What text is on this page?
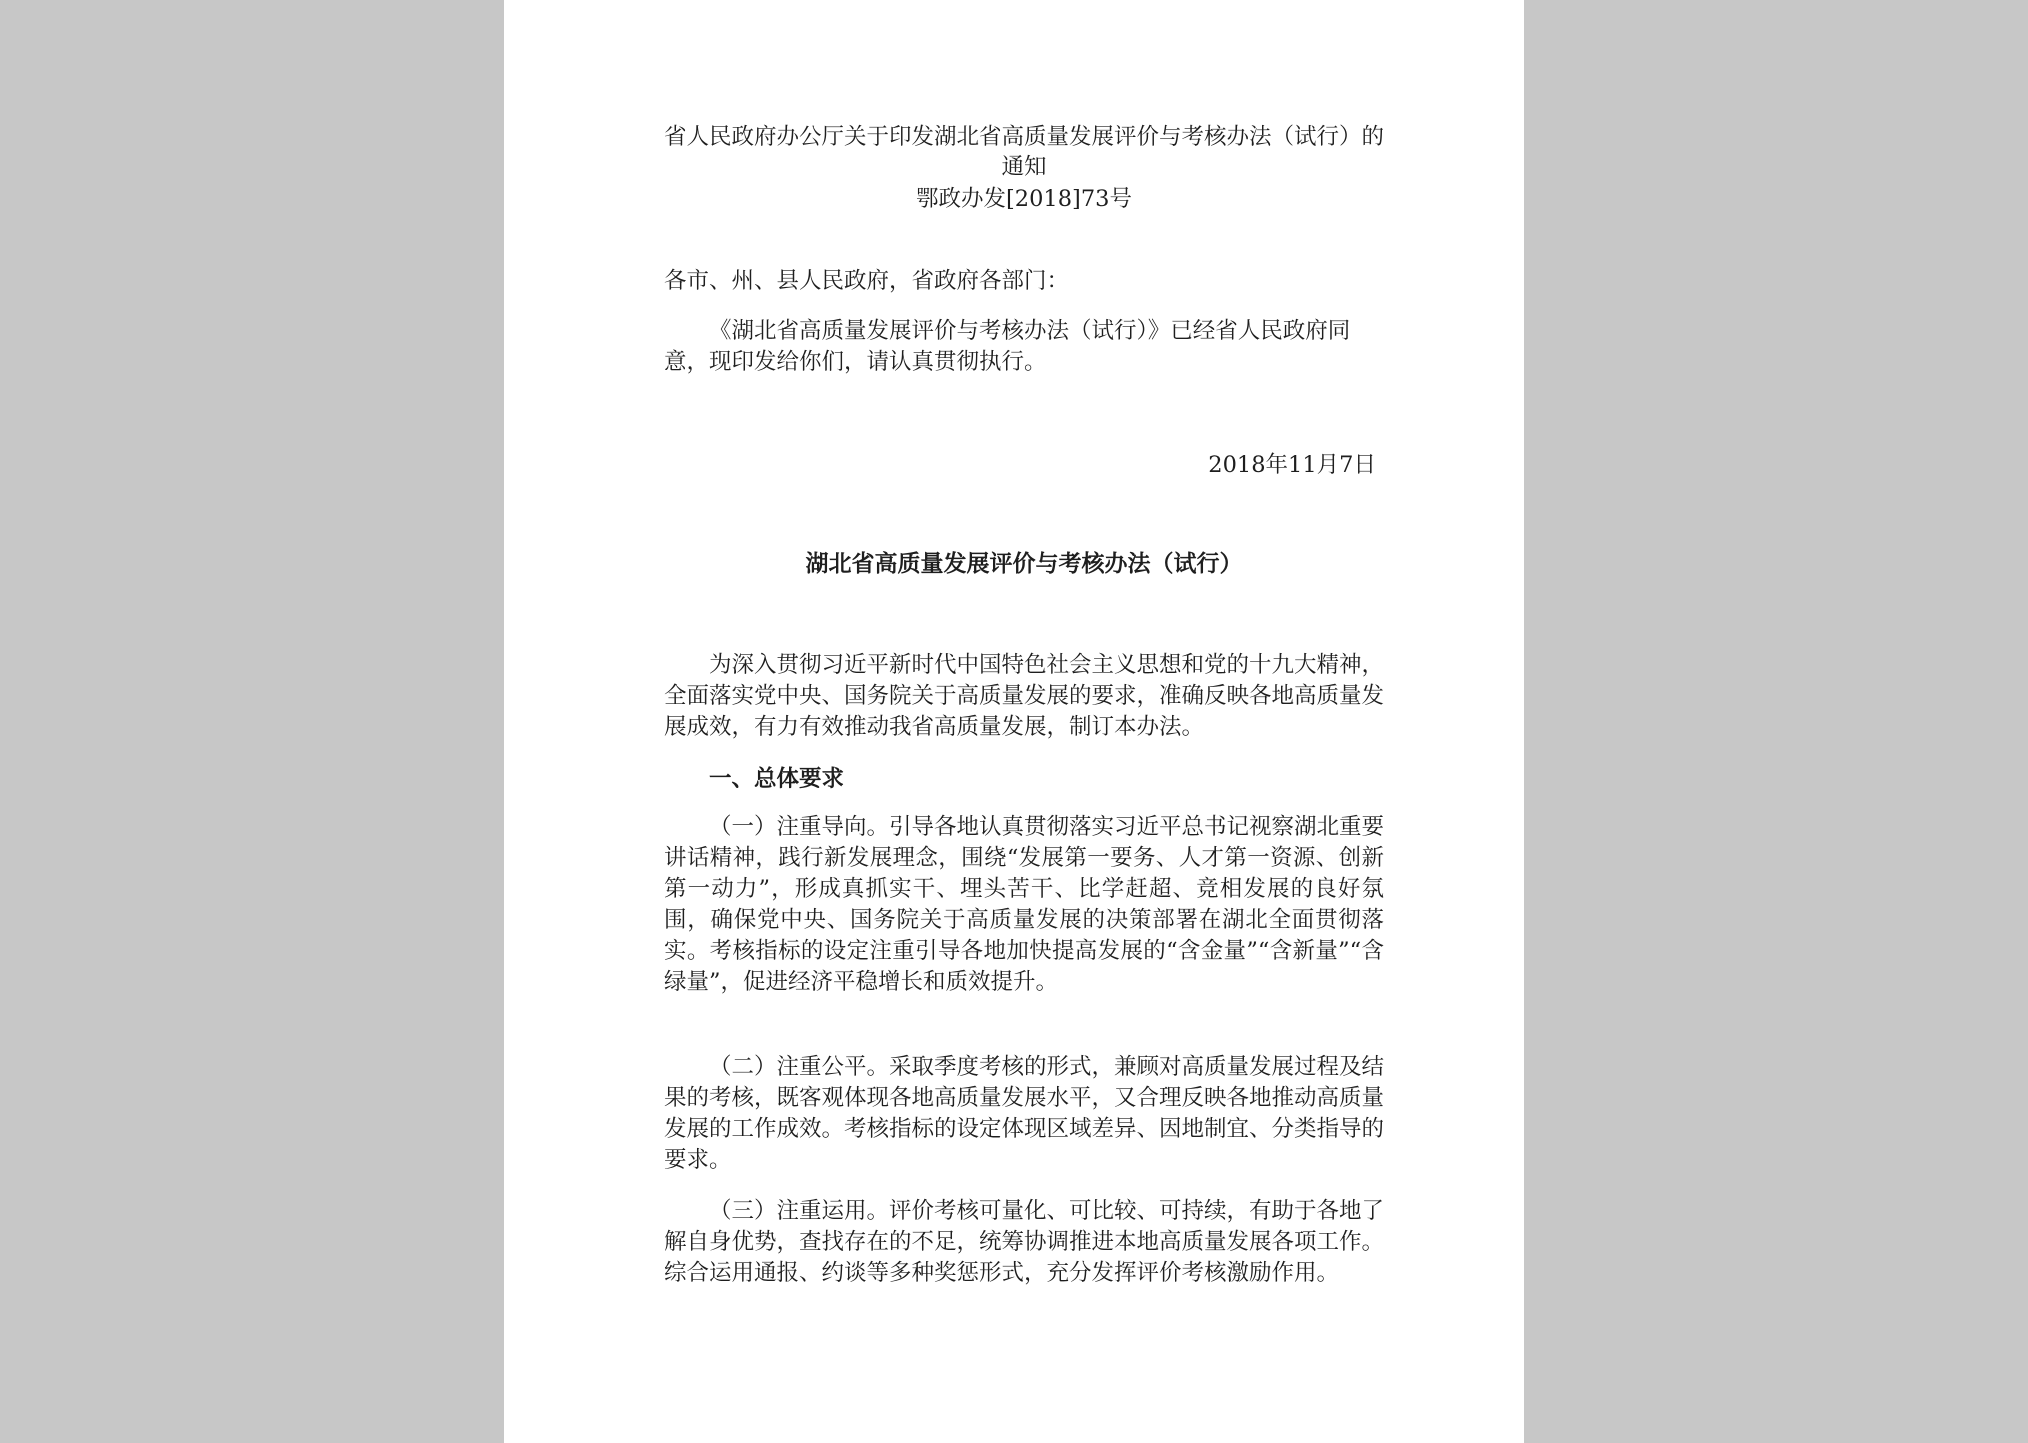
省人民政府办公厅关于印发湖北省高质量发展评价与考核办法（试行）的通知
鄂政办发[2018]73号
各市、州、县人民政府，省政府各部门：
《湖北省高质量发展评价与考核办法（试行）》已经省人民政府同意，现印发给你们，请认真贯彻执行。
2018年11月7日
湖北省高质量发展评价与考核办法（试行）
为深入贯彻习近平新时代中国特色社会主义思想和党的十九大精神，全面落实党中央、国务院关于高质量发展的要求，准确反映各地高质量发展成效，有力有效推动我省高质量发展，制订本办法。
一、总体要求
（一）注重导向。引导各地认真贯彻落实习近平总书记视察湖北重要讲话精神，践行新发展理念，围绕“发展第一要务、人才第一资源、创新第一动力”，形成真抓实干、埋头苦干、比学赶超、竞相发展的良好氛围，确保党中央、国务院关于高质量发展的决策部署在湖北全面贯彻落实。考核指标的设定注重引导各地加快提高发展的“含金量”“含新量”“含绿量”，促进经济平稳增长和质效提升。
（二）注重公平。采取季度考核的形式，兼顾对高质量发展过程及结果的考核，既客观体现各地高质量发展水平，又合理反映各地推动高质量发展的工作成效。考核指标的设定体现区域差异、因地制宜、分类指导的要求。
（三）注重运用。评价考核可量化、可比较、可持续，有助于各地了解自身优势，查找存在的不足，统筹协调推进本地高质量发展各项工作。综合运用通报、约谈等多种奖惩形式，充分发挥评价考核激励作用。
